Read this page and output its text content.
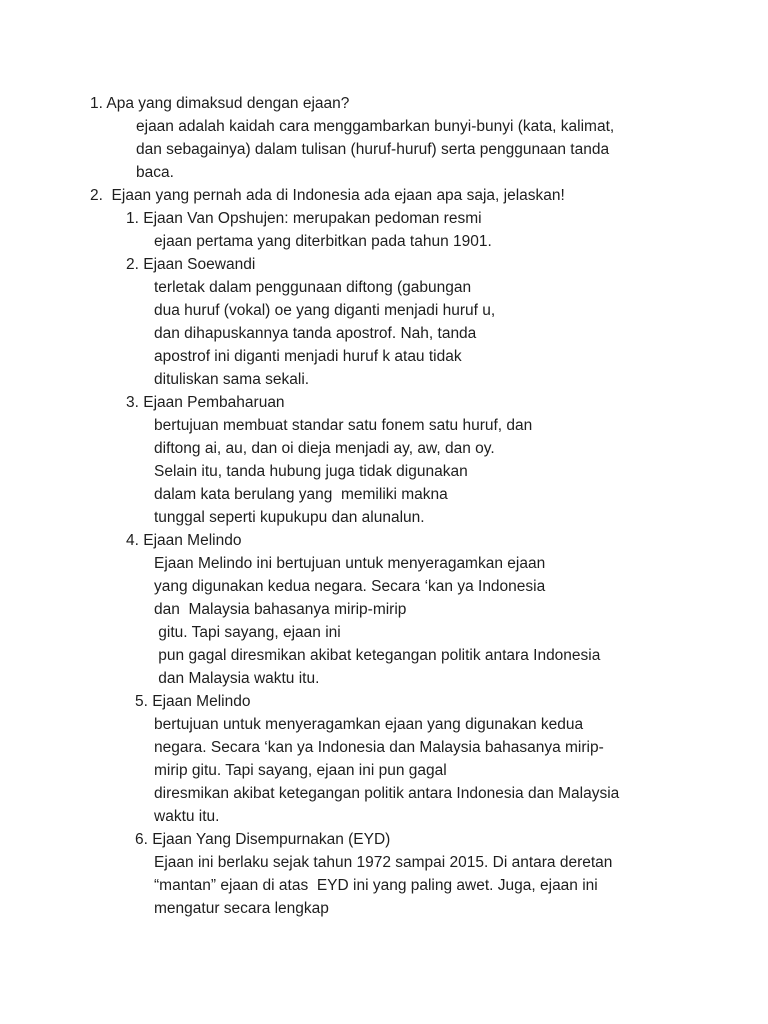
1. Apa yang dimaksud dengan ejaan?
ejaan adalah kaidah cara menggambarkan bunyi-bunyi (kata, kalimat,
dan sebagainya) dalam tulisan (huruf-huruf) serta penggunaan tanda
baca.
2.  Ejaan yang pernah ada di Indonesia ada ejaan apa saja, jelaskan!
1. Ejaan Van Opshujen: merupakan pedoman resmi
ejaan pertama yang diterbitkan pada tahun 1901.
2. Ejaan Soewandi
terletak dalam penggunaan diftong (gabungan
dua huruf (vokal) oe yang diganti menjadi huruf u,
dan dihapuskannya tanda apostrof. Nah, tanda
apostrof ini diganti menjadi huruf k atau tidak
dituliskan sama sekali.
3. Ejaan Pembaharuan
bertujuan membuat standar satu fonem satu huruf, dan
diftong ai, au, dan oi dieja menjadi ay, aw, dan oy.
Selain itu, tanda hubung juga tidak digunakan
dalam kata berulang yang  memiliki makna
tunggal seperti kupukupu dan alunalun.
4. Ejaan Melindo
Ejaan Melindo ini bertujuan untuk menyeragamkan ejaan
yang digunakan kedua negara. Secara ‘kan ya Indonesia
dan  Malaysia bahasanya mirip-mirip
gitu. Tapi sayang, ejaan ini
pun gagal diresmikan akibat ketegangan politik antara Indonesia
dan Malaysia waktu itu.
5. Ejaan Melindo
bertujuan untuk menyeragamkan ejaan yang digunakan kedua
negara. Secara ‘kan ya Indonesia dan Malaysia bahasanya mirip-
mirip gitu. Tapi sayang, ejaan ini pun gagal
diresmikan akibat ketegangan politik antara Indonesia dan Malaysia
waktu itu.
6. Ejaan Yang Disempurnakan (EYD)
Ejaan ini berlaku sejak tahun 1972 sampai 2015. Di antara deretan
“mantan” ejaan di atas  EYD ini yang paling awet. Juga, ejaan ini
mengatur secara lengkap
